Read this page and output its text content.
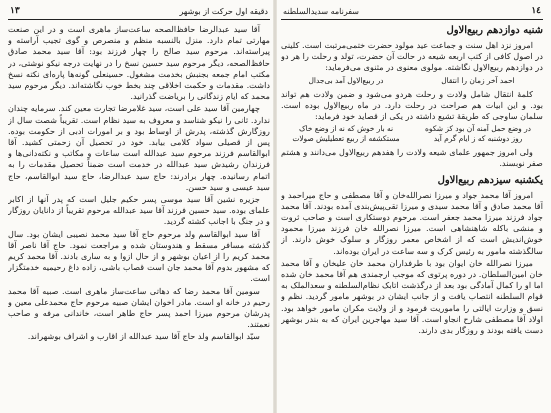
دقیقه اول حرکت از بوشهر
١٣

آقا سید عبدالرضا حافظ‌الصحه ساعت‌ساز ماهری است و در این صنعت مهارتی تمام دارد. منزل بالنسبه منظم و منصرص و گوی تجیب آراسته و پیراسته‌اند. مرحوم سید صالح را چهار فرزند بود: آقا سید محمد صادق حافظ‌الصحه، دیگر مرحوم سید حسین نسخ را در نهایت درجه نیکو نوشتی، در مکتب امام جمعه بجنبش بخدمت مشغول. حسینعلی گونه‌ها پاره‌ای نکته نسخ داشت. مقدمات و حکمت اخلاقی چند بخط خوب نگاشته‌اند. دیگر مرحوم سید محمد که ایام زندگانی را بریاضت گذرانید.

چهارمین آقا سید علی است، سید غلامرضا تجارت معین کند. سرمایه چندان ندارد. ثانی را نیکو شناسد و معروف به سید نظام است. تقریباً شصت سال از روزگارش گذشته، پدرش از اوساط بود و بر امورات ادبی از حکومت بوده. پس از قصیلی سواد کلامی بیابد. خود در تحصیل آن زحمتی کشید. آقا ابوالقاسم فرزند مرحوم سید عبدالله است ساعات و مکاتب و نکته‌دانی‌ها و فرزندان رشیدش سید عبدالله در خدمت است ضمناً تحصیل مقدمات را به اتمام رسانیده. چهار برادرند: حاج سید عبدالرضا، حاج سید ابوالقاسم، حاج سید عیسی و سید حسن.

جزیره نشین آقا سید موسی پسر حکیم جلیل است که پدر آنها از اکابر علمای بوده. سید حسین فرزند آقا سید عبدالله مرحوم تقریباً از دانایان روزگار و در جنگ با اجانب کشته گردید.

آقا سید ابوالقاسم ولد مرحوم حاج آقا سید محمد نصیبی ایشان بود. سال گذشته مسافر مسقط و هندوستان شده و مراجعت نمود. حاج آقا ناصر آقا محمد کریم را از اعیان بوشهر و از حال ازوا و به ساری بادند. آقا محمد کریم که مشهور بدوم آقا محمد جان است قصاب باشی، زاده داغ رحیمیه خدمتگزار است.

سومین آقا محمد رضا که دهاتی ساعت‌ساز ماهری است. صبیه آقا محمد رحیم در خانه او است. مادر اخوان ایشان صبیه مرحوم حاج محمدعلی معین و پدرشان مرحوم میرزا احمد پسر حاج طاهر است، خاندانی مرفه و صاحب نعمتند.

سیّد ابوالقاسم ولد حاج آقا سید عبدالله از اقارب و اشراف بوشهراند.

١٤
سفرنامه سدیدالسلطنه
شنبه دوازدهم ربیع‌الاول

امروز نزد اهل سنت و جماعت عید مولود حضرت ختمی‌مرتبت است. کلینی در اصول کافی از کتب اربعه شیعه در حالت آن حضرت، تولد و رحلت را هر دو در دوازدهم ربیع‌الاول نگاشته. مولوی معنوی در مثنوی می‌فرماید:

احمد آخر زمان را انتقال
در ربیع‌الاول آمد بی‌جدال

کلمهٔ انتقال شامل ولادت و رحلت هردو می‌شود و ضمن ولادت هم تواند بود. و این ابیات هم صراحت در رحلت دارد. در ماه ربیع‌الاول بوده است. سلمان ساوجی که طریقهٔ تشیع داشته در یکی از قصاید خود فرماید:

در وضع حمل آمنه آن بود کز شکوه
نه بار خوش که نه از وضع خاک
روز دوشنبه که ز ایام گرم آید
مستکشفه از ربیع تعطیلیش صولات

ولی امروز جمهور علمای شیعه ولادت را هفدهم ربیع‌الاول می‌دانند و هشتم صفر نوبسند.

یکشنبه سیزدهم ربیع‌الاول

امروز آقا محمد جواد و میرزا نصرالله‌خان و آقا مصطفی و حاج میراحمد و آقا محمد صادق و آقا محمد سیدی و میرزا تقی‌پیش‌بندی آمده بودند. آقا محمد جواد فرزند میرزا محمد جعفر است. مرحوم دوستکاری است و صاحب ثروت و منشی باکله شاهنشاهی است. میرزا نصرالله خان فرزند میرزا محمود خوش‌اندیش است که از اشخاص معمر روزگار و سلوک خوش دارند. از سالگذشته مامور به رئیس کرک و سه ساعت در ایران بوده‌اند.

میرزا نصرالله خان ایوان بود با طرفداران محمد خان علیخان و آقا محمد خان امین‌السلطان. در دوره پرتوی که موجب ارجمندی هم آقا محمد خان شده اما او را کمال آمادگی بود بعد از درگذشت اتابک نظام‌السلطنه و سعدالملک به قوام السلطنه انتصاب یافت و از جانب ایشان در بوشهر مامور گردید. نظم و نسق و وزارت ایالتی را ماموریت فرمود و از ولایت مکران مامور خواهد بود. اولاد آقا مصطفی شارح انجاو است. آقا سید مهاجرین ایران که به بندر بوشهر دست یافته بودند و روزگار بدی دارند.
